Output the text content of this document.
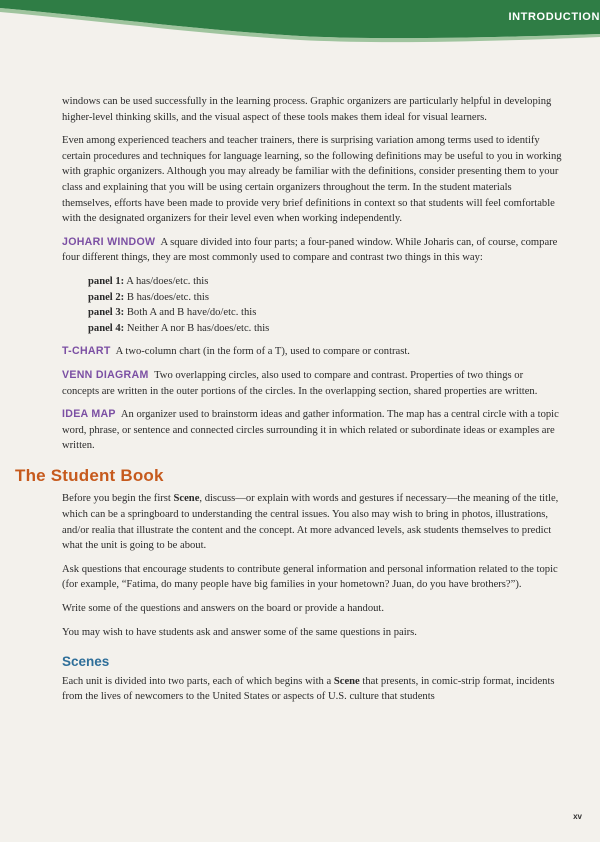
INTRODUCTION

windows can be used successfully in the learning process. Graphic organizers are particularly helpful in developing higher-level thinking skills, and the visual aspect of these tools makes them ideal for visual learners.

Even among experienced teachers and teacher trainers, there is surprising variation among terms used to identify certain procedures and techniques for language learning, so the following definitions may be useful to you in working with graphic organizers. Although you may already be familiar with the definitions, consider presenting them to your class and explaining that you will be using certain organizers throughout the term. In the student materials themselves, efforts have been made to provide very brief definitions in context so that students will feel comfortable with the designated organizers for their level even when working independently.

JOHARI WINDOW A square divided into four parts; a four-paned window. While Joharis can, of course, compare four different things, they are most commonly used to compare and contrast two things in this way:

panel 1: A has/does/etc. this
panel 2: B has/does/etc. this
panel 3: Both A and B have/do/etc. this
panel 4: Neither A nor B has/does/etc. this

T-CHART A two-column chart (in the form of a T), used to compare or contrast.

VENN DIAGRAM Two overlapping circles, also used to compare and contrast. Properties of two things or concepts are written in the outer portions of the circles. In the overlapping section, shared properties are written.

IDEA MAP An organizer used to brainstorm ideas and gather information. The map has a central circle with a topic word, phrase, or sentence and connected circles surrounding it in which related or subordinate ideas or examples are written.

The Student Book

Before you begin the first Scene, discuss—or explain with words and gestures if necessary—the meaning of the title, which can be a springboard to understanding the central issues. You also may wish to bring in photos, illustrations, and/or realia that illustrate the content and the concept. At more advanced levels, ask students themselves to predict what the unit is going to be about.

Ask questions that encourage students to contribute general information and personal information related to the topic (for example, “Fatima, do many people have big families in your hometown? Juan, do you have brothers?”).

Write some of the questions and answers on the board or provide a handout.

You may wish to have students ask and answer some of the same questions in pairs.

Scenes

Each unit is divided into two parts, each of which begins with a Scene that presents, in comic-strip format, incidents from the lives of newcomers to the United States or aspects of U.S. culture that students

xv
